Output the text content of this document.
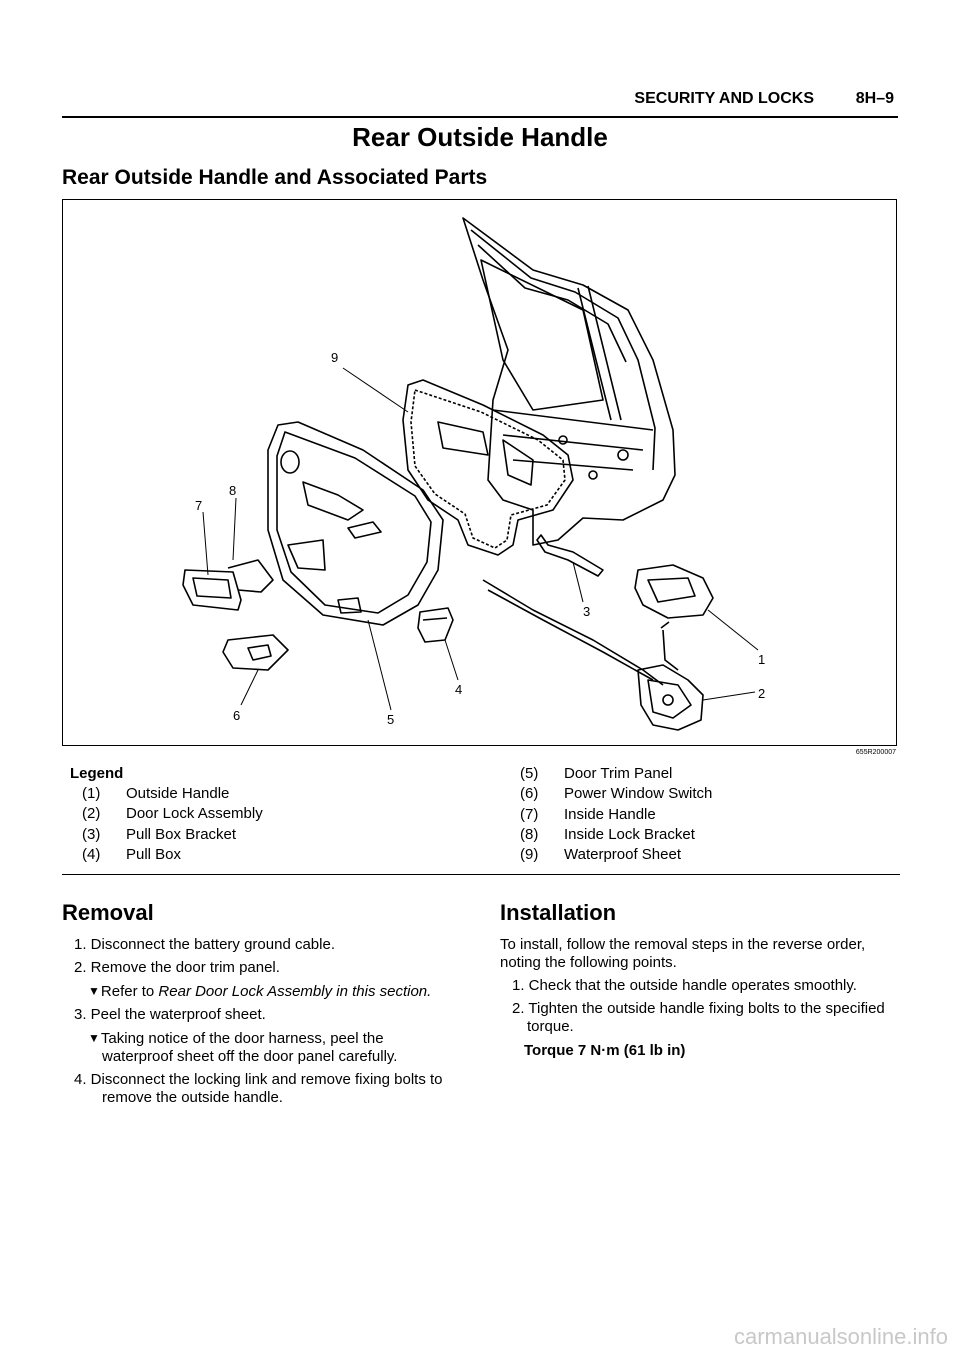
SECURITY AND LOCKS	8H–9
Rear Outside Handle
Rear Outside Handle and Associated Parts
1
2
3
4
5
6
7
8
9
655R200007
Legend
(1) Outside Handle
(2) Door Lock Assembly
(3) Pull Box Bracket
(4) Pull Box
(5) Door Trim Panel
(6) Power Window Switch
(7) Inside Handle
(8) Inside Lock Bracket
(9) Waterproof Sheet
Removal
1. Disconnect the battery ground cable.
2. Remove the door trim panel.
▼Refer to Rear Door Lock Assembly in this section.
3. Peel the waterproof sheet.
▼Taking notice of the door harness, peel the
waterproof sheet off the door panel carefully.
4. Disconnect the locking link and remove fixing bolts to
remove the outside handle.
Installation
To install, follow the removal steps in the reverse order,
noting the following points.
1. Check that the outside handle operates smoothly.
2. Tighten the outside handle fixing bolts to the specified
torque.
Torque 7 N·m (61 lb in)
carmanualsonline.info
